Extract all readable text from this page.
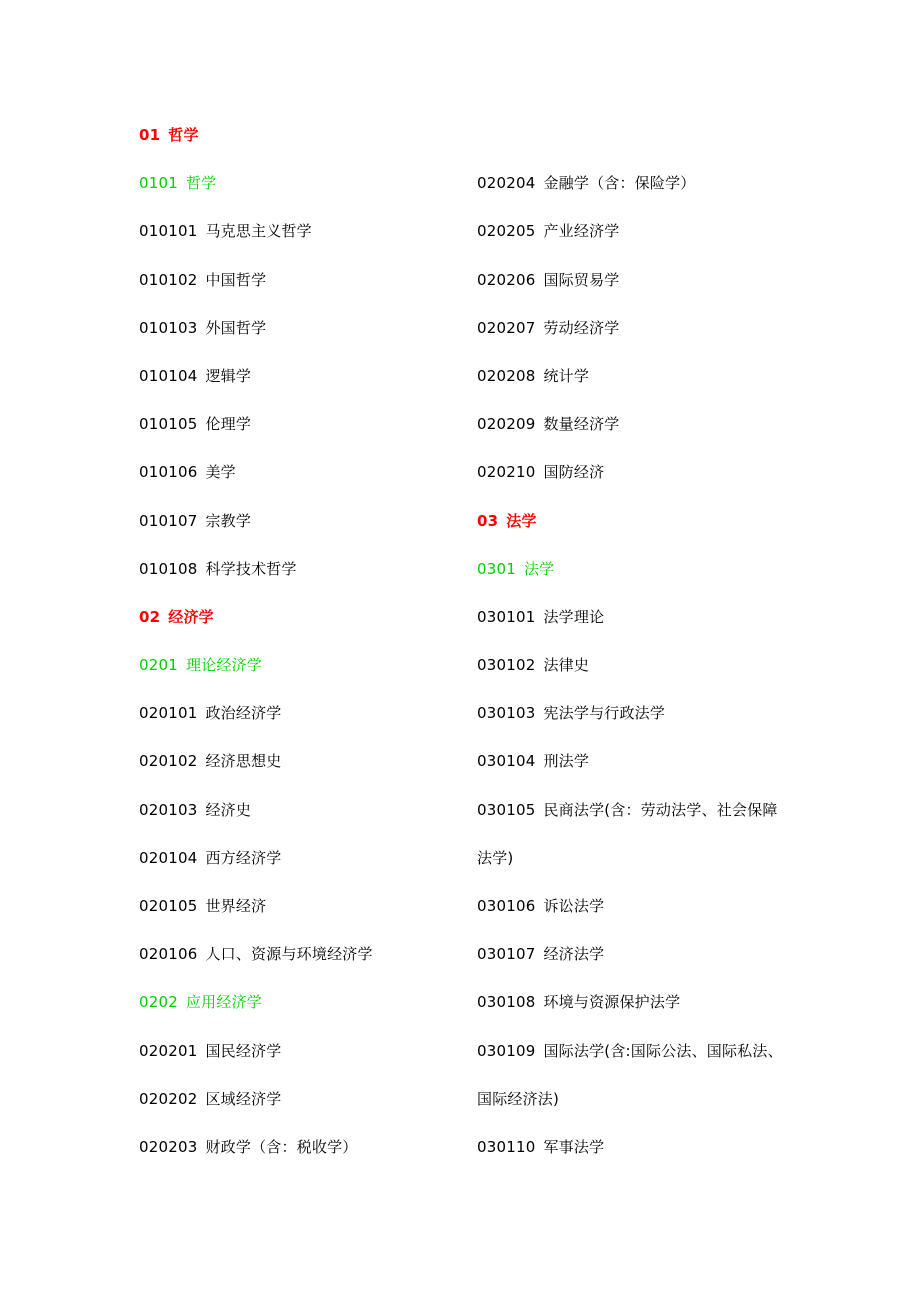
01 哲学
0101 哲学
010101 马克思主义哲学
010102 中国哲学
010103 外国哲学
010104 逻辑学
010105 伦理学
010106 美学
010107 宗教学
010108 科学技术哲学
02 经济学
0201 理论经济学
020101 政治经济学
020102 经济思想史
020103 经济史
020104 西方经济学
020105 世界经济
020106 人口、资源与环境经济学
0202 应用经济学
020201 国民经济学
020202 区域经济学
020203 财政学（含：税收学）
020204 金融学（含：保险学）
020205 产业经济学
020206 国际贸易学
020207 劳动经济学
020208 统计学
020209 数量经济学
020210 国防经济
03 法学
0301 法学
030101 法学理论
030102 法律史
030103 宪法学与行政法学
030104 刑法学
030105 民商法学(含：劳动法学、社会保障
法学)
030106 诉讼法学
030107 经济法学
030108 环境与资源保护法学
030109 国际法学(含:国际公法、国际私法、
国际经济法)
030110 军事法学
